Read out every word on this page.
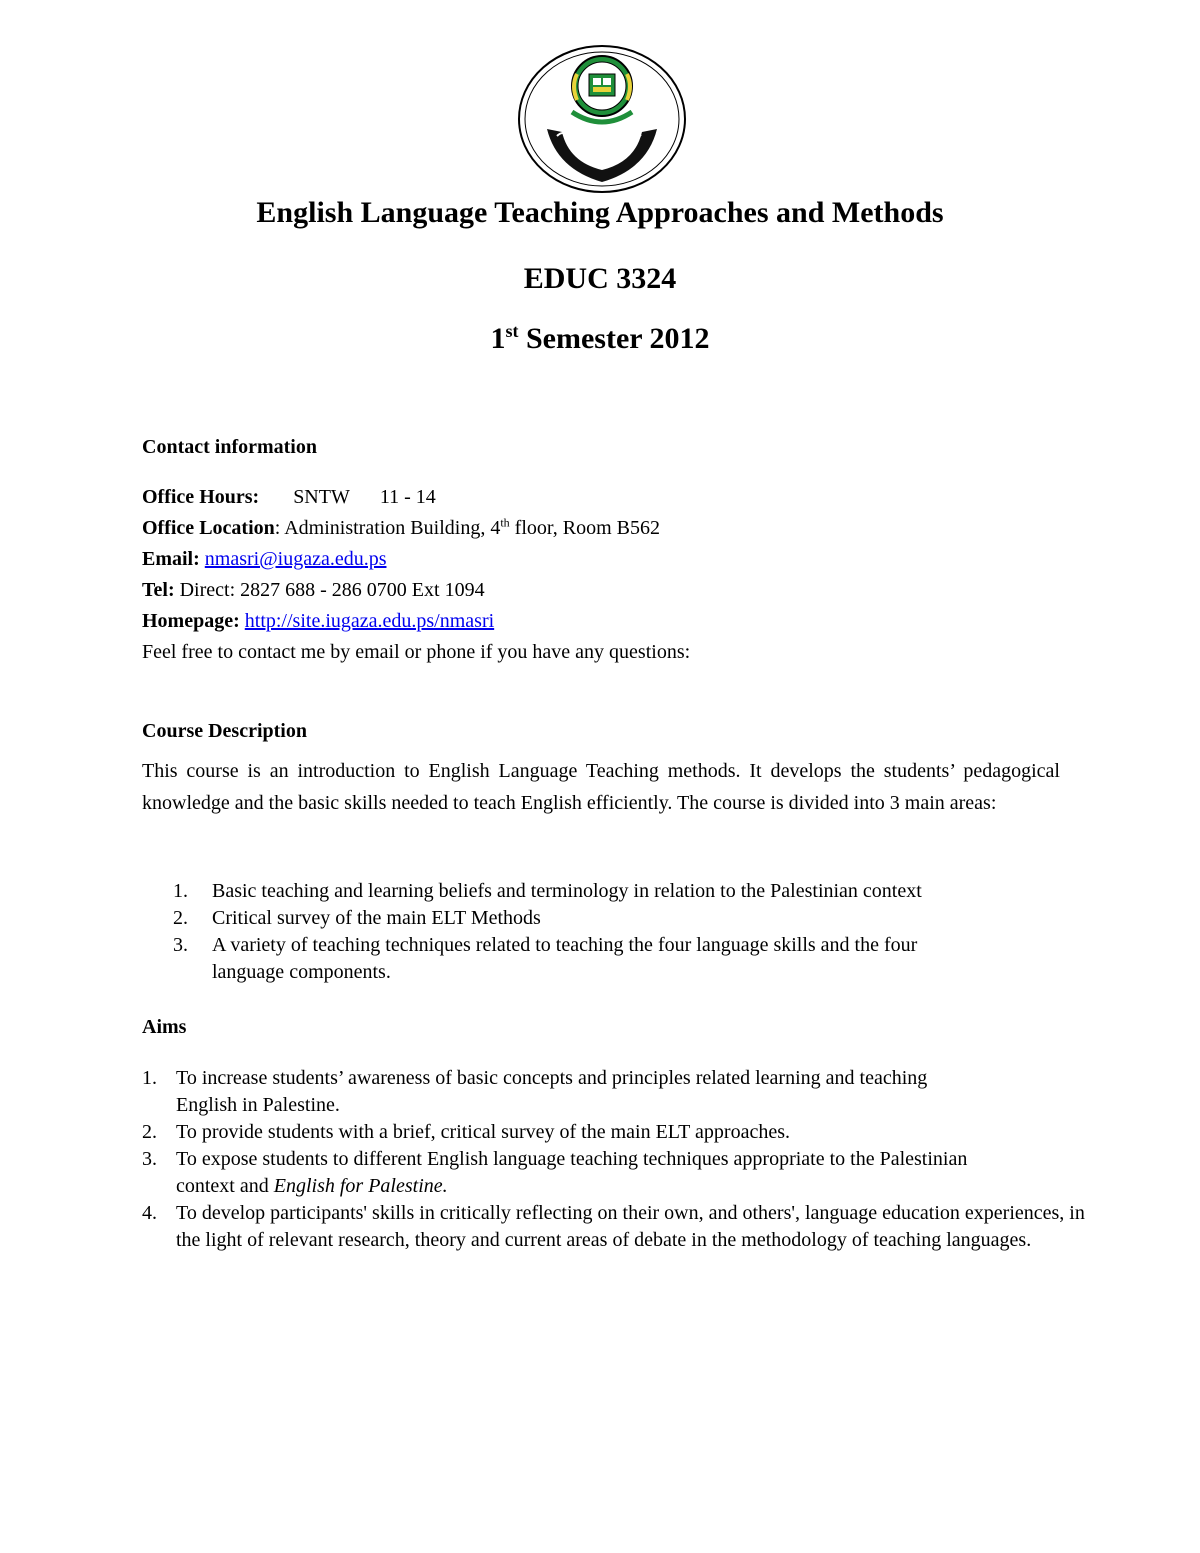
English Language Teaching Approaches and Methods
EDUC 3324
1st Semester 2012

Contact information

Office Hours: SNTW 11 - 14

Office Location: Administration Building, 4th floor, Room B562

Email: nmasri@iugaza.edu.ps

Tel: Direct: 2827 688 - 286 0700 Ext 1094

Homepage: http://site.iugaza.edu.ps/nmasri

Feel free to contact me by email or phone if you have any questions:

Course Description

This course is an introduction to English Language Teaching methods. It develops the students’ pedagogical knowledge and the basic skills needed to teach English efficiently. The course is divided into 3 main areas:

1. Basic teaching and learning beliefs and terminology in relation to the Palestinian context
2. Critical survey of the main ELT Methods
3. A variety of teaching techniques related to teaching the four language skills and the four language components.

Aims

1. To increase students’ awareness of basic concepts and principles related learning and teaching English in Palestine.
2. To provide students with a brief, critical survey of the main ELT approaches.
3. To expose students to different English language teaching techniques appropriate to the Palestinian context and English for Palestine.
4. To develop participants' skills in critically reflecting on their own, and others', language education experiences, in the light of relevant research, theory and current areas of debate in the methodology of teaching languages.
